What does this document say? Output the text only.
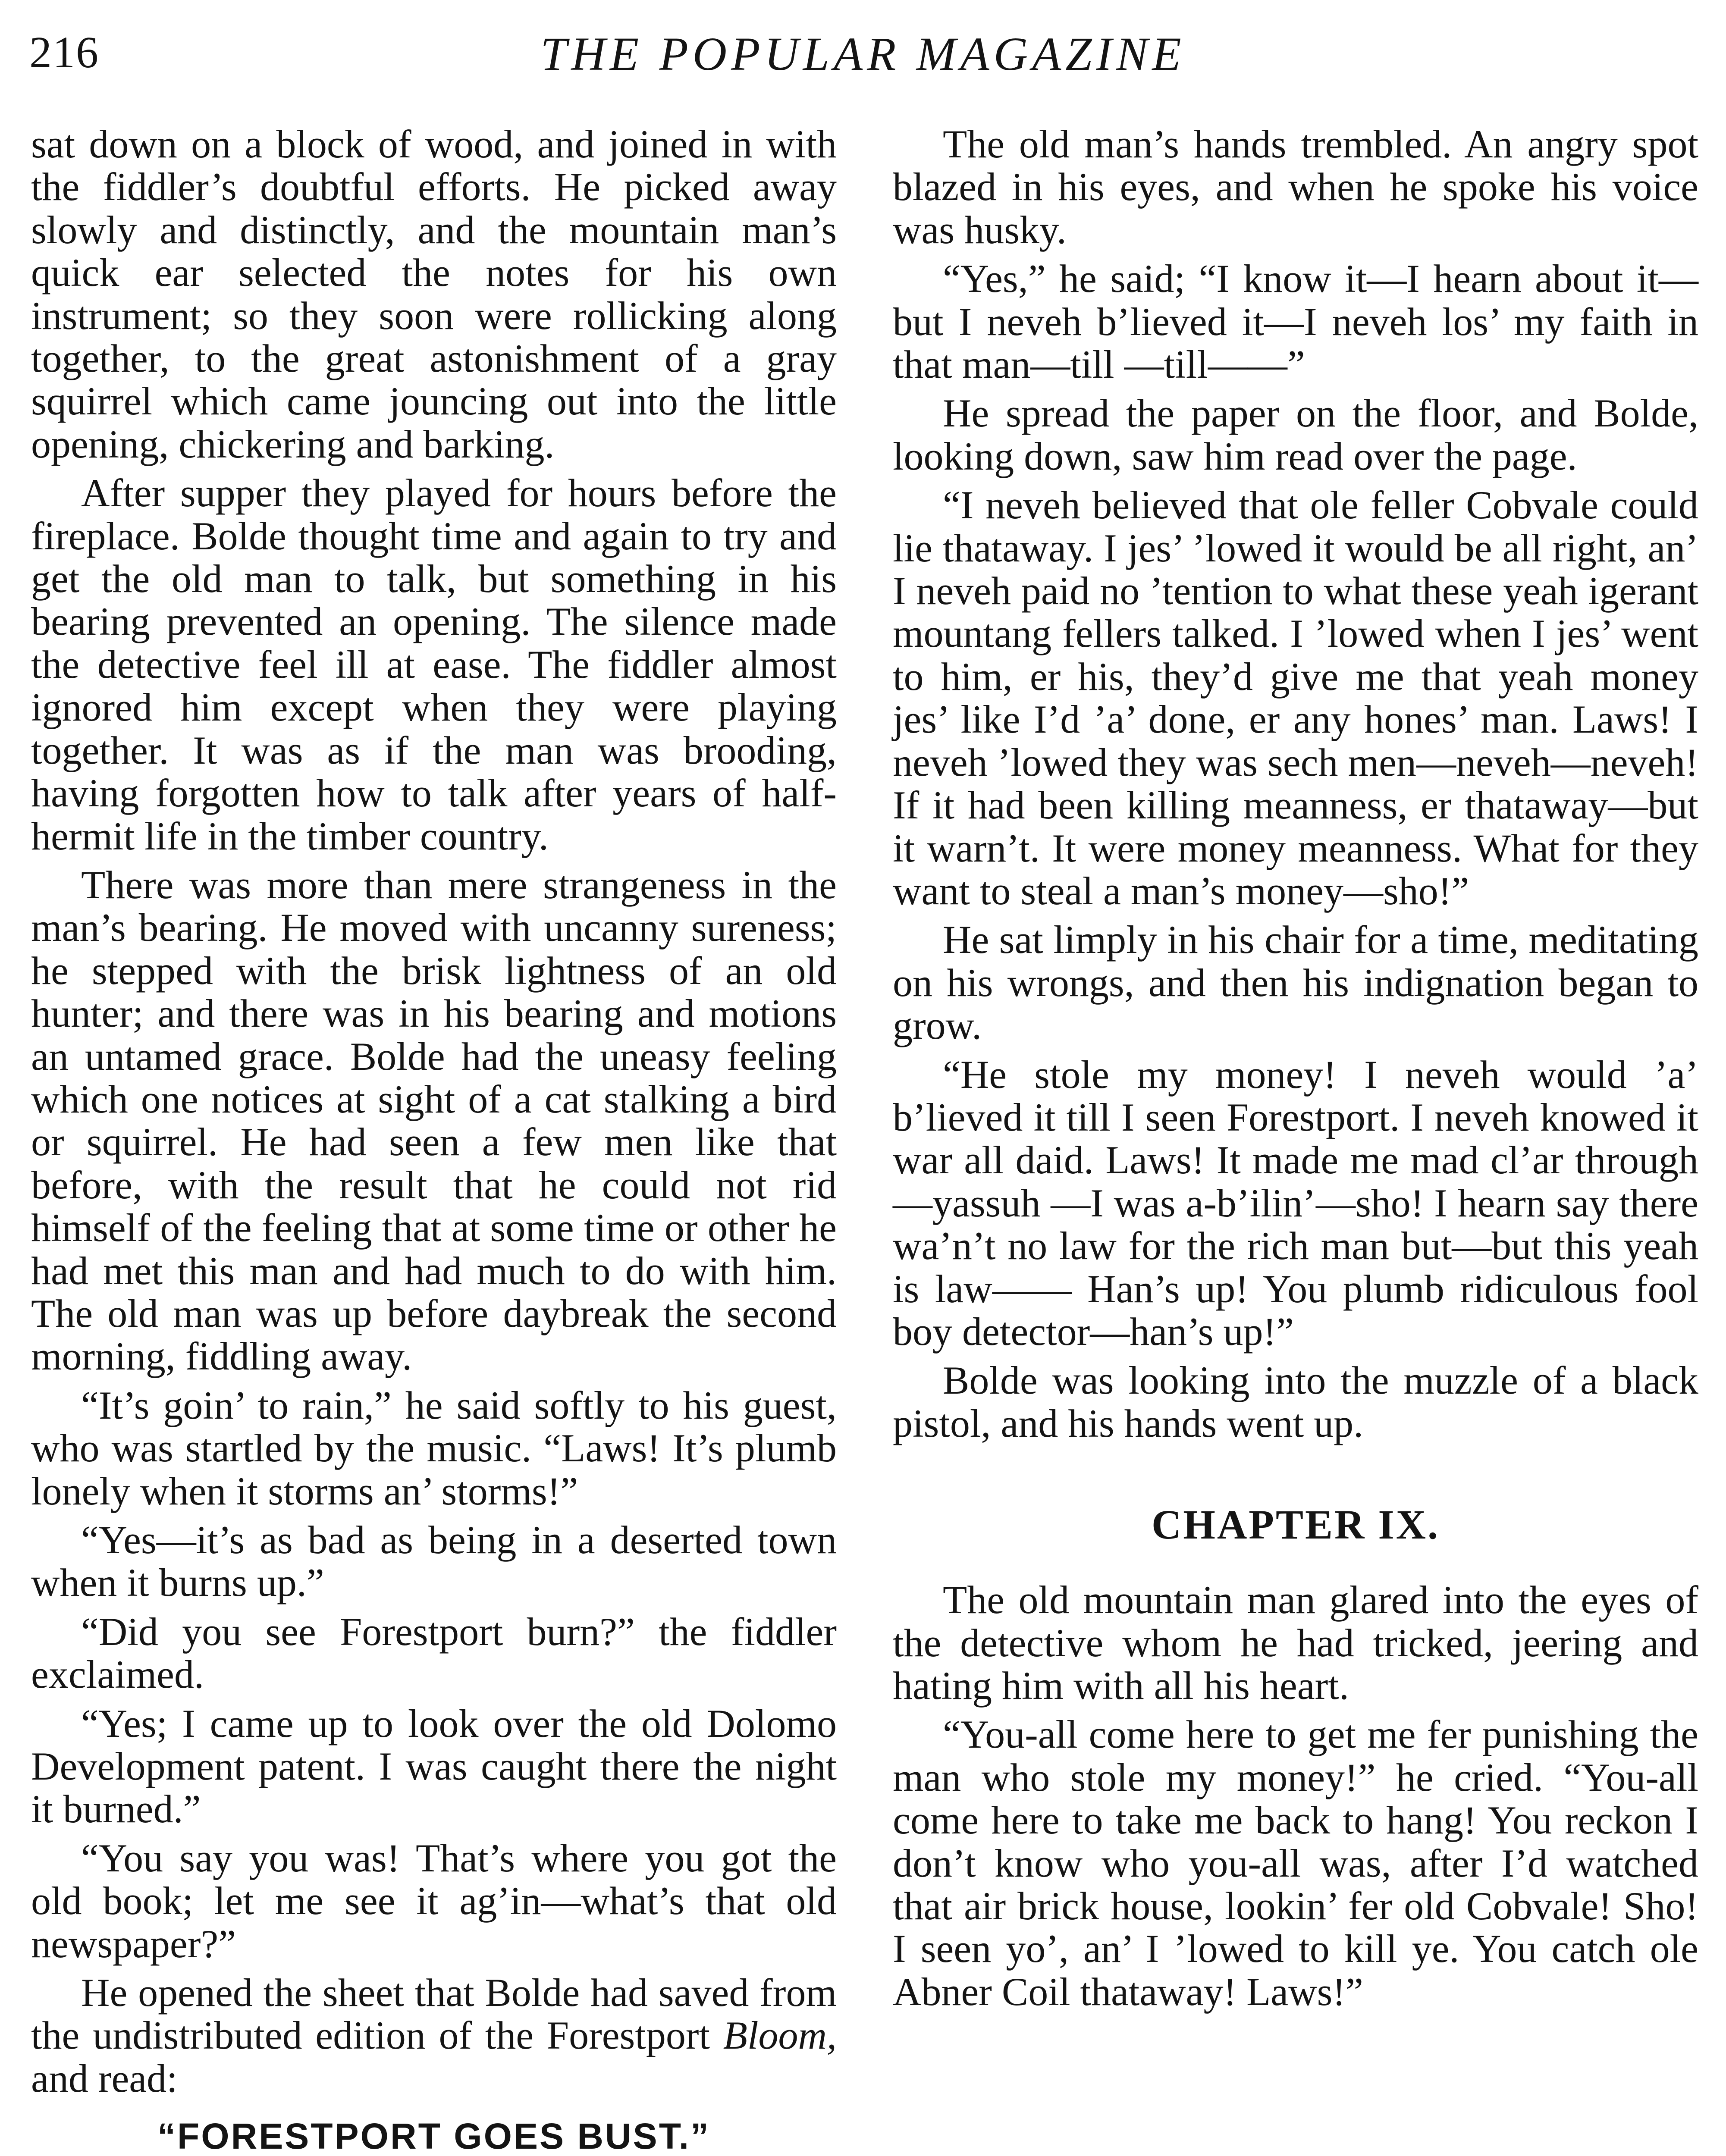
216	THE POPULAR MAGAZINE

sat down on a block of wood, and joined in with the fiddler’s doubtful efforts. He picked away slowly and distinctly, and the mountain man’s quick ear selected the notes for his own instrument; so they soon were rollicking along together, to the great astonishment of a gray squirrel which came jouncing out into the little opening, chickering and barking.

After supper they played for hours before the fireplace. Bolde thought time and again to try and get the old man to talk, but something in his bearing prevented an opening. The silence made the detective feel ill at ease. The fiddler almost ignored him except when they were playing together. It was as if the man was brooding, having forgotten how to talk after years of half-hermit life in the timber country.

There was more than mere strangeness in the man’s bearing. He moved with uncanny sureness; he stepped with the brisk lightness of an old hunter; and there was in his bearing and motions an untamed grace. Bolde had the uneasy feeling which one notices at sight of a cat stalking a bird or squirrel. He had seen a few men like that before, with the result that he could not rid himself of the feeling that at some time or other he had met this man and had much to do with him. The old man was up before daybreak the second morning, fiddling away.

“It’s goin’ to rain,” he said softly to his guest, who was startled by the music. “Laws! It’s plumb lonely when it storms an’ storms!”

“Yes—it’s as bad as being in a deserted town when it burns up.”

“Did you see Forestport burn?” the fiddler exclaimed.

“Yes; I came up to look over the old Dolomo Development patent. I was caught there the night it burned.”

“You say you was! That’s where you got the old book; let me see it ag’in—what’s that old newspaper?”

He opened the sheet that Bolde had saved from the undistributed edition of the Forestport Bloom, and read:

“FORESTPORT GOES BUST.”

The old man’s hands trembled. An angry spot blazed in his eyes, and when he spoke his voice was husky.

“Yes,” he said; “I know it—I hearn about it—but I neveh b’lieved it—I neveh los’ my faith in that man—till —till——”

He spread the paper on the floor, and Bolde, looking down, saw him read over the page.

“I neveh believed that ole feller Cobvale could lie thataway. I jes’ ’lowed it would be all right, an’ I neveh paid no ’tention to what these yeah igerant mountang fellers talked. I ’lowed when I jes’ went to him, er his, they’d give me that yeah money jes’ like I’d ’a’ done, er any hones’ man. Laws! I neveh ’lowed they was sech men—neveh—neveh! If it had been killing meanness, er thataway—but it warn’t. It were money meanness. What for they want to steal a man’s money—sho!”

He sat limply in his chair for a time, meditating on his wrongs, and then his indignation began to grow.

“He stole my money! I neveh would ’a’ b’lieved it till I seen Forestport. I neveh knowed it war all daid. Laws! It made me mad cl’ar through—yassuh —I was a-b’ilin’—sho! I hearn say there wa’n’t no law for the rich man but—but this yeah is law—— Han’s up! You plumb ridiculous fool boy detector—han’s up!”

Bolde was looking into the muzzle of a black pistol, and his hands went up.

CHAPTER IX.

The old mountain man glared into the eyes of the detective whom he had tricked, jeering and hating him with all his heart.

“You-all come here to get me fer punishing the man who stole my money!” he cried. “You-all come here to take me back to hang! You reckon I don’t know who you-all was, after I’d watched that air brick house, lookin’ fer old Cobvale! Sho! I seen yo’, an’ I ’lowed to kill ye. You catch ole Abner Coil thataway! Laws!”
